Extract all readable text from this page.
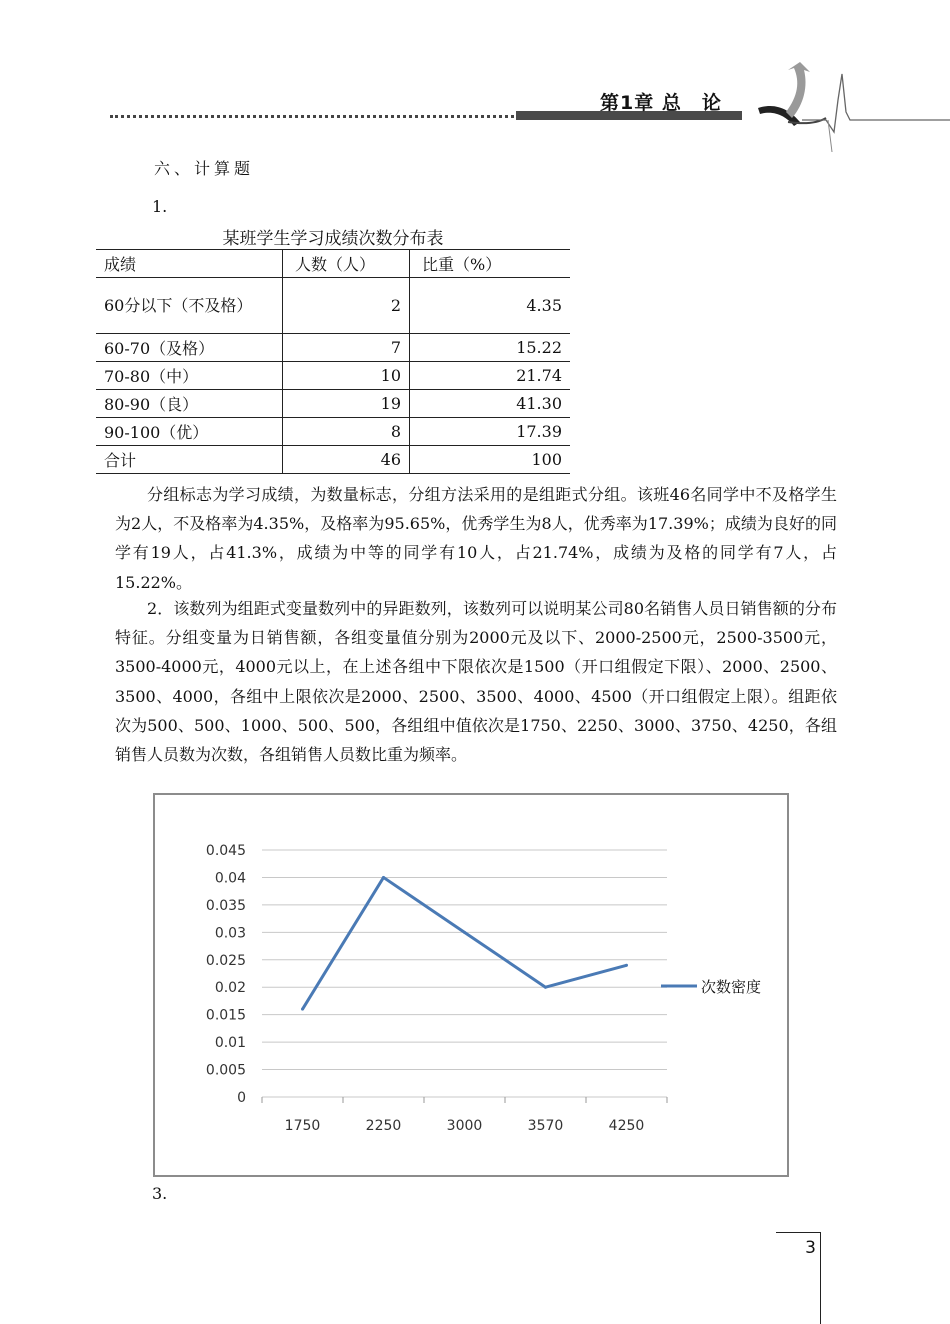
第1章 总　论
六、计算题
1.
某班学生学习成绩次数分布表
成绩	人数（人）	比重（%）
60分以下（不及格）	2	4.35
60-70（及格）	7	15.22
70-80（中）	10	21.74
80-90（良）	19	41.30
90-100（优）	8	17.39
合计	46	100

分组标志为学习成绩，为数量标志，分组方法采用的是组距式分组。该班46名同学中不及格学生为2人，不及格率为4.35%，及格率为95.65%，优秀学生为8人，优秀率为17.39%；成绩为良好的同学有19人，占41.3%，成绩为中等的同学有10人，占21.74%，成绩为及格的同学有7人，占15.22%。

2．该数列为组距式变量数列中的异距数列，该数列可以说明某公司80名销售人员日销售额的分布特征。分组变量为日销售额，各组变量值分别为2000元及以下、2000-2500元，2500-3500元， 3500-4000元，4000元以上，在上述各组中下限依次是1500（开口组假定下限）、2000、2500、3500、4000，各组中上限依次是2000、2500、3500、4000、4500（开口组假定上限）。组距依次为500、500、1000、500、500，各组组中值依次是1750、2250、3000、3750、4250，各组销售人员数为次数，各组销售人员数比重为频率。

0.045
0.04
0.035
0.03
0.025
0.02
0.015
0.01
0.005
0
1750	2250	3000	3570	4250
次数密度
3.
3
